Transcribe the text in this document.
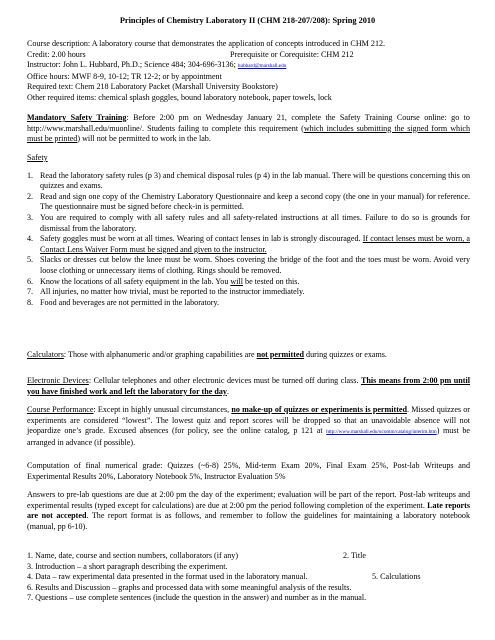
Principles of Chemistry Laboratory II (CHM 218-207/208): Spring 2010
Course description: A laboratory course that demonstrates the application of concepts introduced in CHM 212.
Credit: 2.00 hours	Prerequisite or Corequisite: CHM 212
Instructor: John L. Hubbard, Ph.D.; Science 484; 304-696-3136; hubbard@marshall.edu
Office hours: MWF 8-9, 10-12; TR 12-2; or by appointment
Required text: Chem 218 Laboratory Packet (Marshall University Bookstore)
Other required items: chemical splash goggles, bound laboratory notebook, paper towels, lock
Mandatory Safety Training: Before 2:00 pm on Wednesday January 21, complete the Safety Training Course online: go to http://www.marshall.edu/muonline/. Students failing to complete this requirement (which includes submitting the signed form which must be printed) will not be permitted to work in the lab.
Safety
1. Read the laboratory safety rules (p 3) and chemical disposal rules (p 4) in the lab manual. There will be questions concerning this on quizzes and exams.
2. Read and sign one copy of the Chemistry Laboratory Questionnaire and keep a second copy (the one in your manual) for reference. The questionnaire must be signed before check-in is permitted.
3. You are required to comply with all safety rules and all safety-related instructions at all times. Failure to do so is grounds for dismissal from the laboratory.
4. Safety goggles must be worn at all times. Wearing of contact lenses in lab is strongly discouraged. If contact lenses must be worn, a Contact Lens Waiver Form must be signed and given to the instructor.
5. Slacks or dresses cut below the knee must be worn. Shoes covering the bridge of the foot and the toes must be worn. Avoid very loose clothing or unnecessary items of clothing. Rings should be removed.
6. Know the locations of all safety equipment in the lab. You will be tested on this.
7. All injuries, no matter how trivial, must be reported to the instructor immediately.
8. Food and beverages are not permitted in the laboratory.
Calculators: Those with alphanumeric and/or graphing capabilities are not permitted during quizzes or exams.
Electronic Devices: Cellular telephones and other electronic devices must be turned off during class. This means from 2:00 pm until you have finished work and left the laboratory for the day.
Course Performance: Except in highly unusual circumstances, no make-up of quizzes or experiments is permitted. Missed quizzes or experiments are considered “lowest”. The lowest quiz and report scores will be dropped so that an unavoidable absence will not jeopardize one’s grade. Excused absences (for policy, see the online catalog, p 121 at http://www.marshall.edu/ucomm/catalog/interim.htm) must be arranged in advance (if possible).
Computation of final numerical grade: Quizzes (~6-8) 25%, Mid-term Exam 20%, Final Exam 25%, Post-lab Writeups and Experimental Results 20%, Laboratory Notebook 5%, Instructor Evaluation 5%
Answers to pre-lab questions are due at 2:00 pm the day of the experiment; evaluation will be part of the report. Post-lab writeups and experimental results (typed except for calculations) are due at 2:00 pm the period following completion of the experiment. Late reports are not accepted. The report format is as follows, and remember to follow the guidelines for maintaining a laboratory notebook (manual, pp 6-10).
1. Name, date, course and section numbers, collaborators (if any)	2. Title
3. Introduction – a short paragraph describing the experiment.
4. Data – raw experimental data presented in the format used in the laboratory manual.	5. Calculations
6. Results and Discussion – graphs and processed data with some meaningful analysis of the results.
7. Questions – use complete sentences (include the question in the answer) and number as in the manual.
